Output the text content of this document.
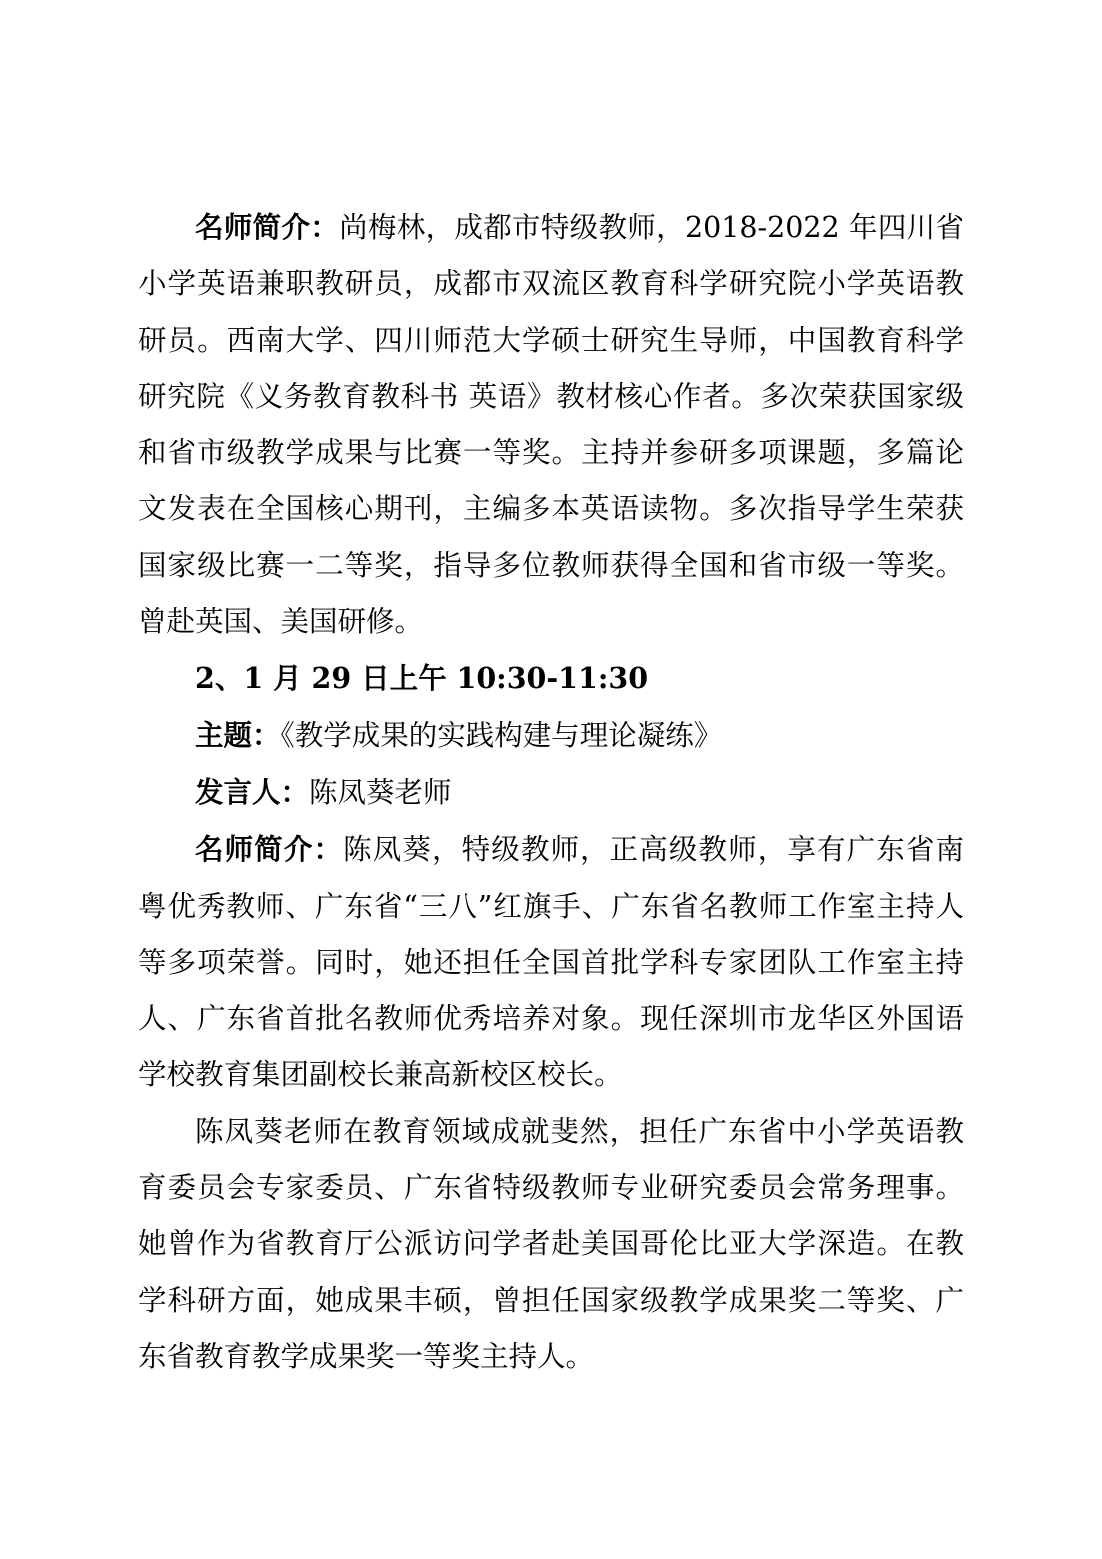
名师简介：尚梅林，成都市特级教师，2018-2022 年四川省小学英语兼职教研员，成都市双流区教育科学研究院小学英语教研员。西南大学、四川师范大学硕士研究生导师，中国教育科学研究院《义务教育教科书 英语》教材核心作者。多次荣获国家级和省市级教学成果与比赛一等奖。主持并参研多项课题，多篇论文发表在全国核心期刊，主编多本英语读物。多次指导学生荣获国家级比赛一二等奖，指导多位教师获得全国和省市级一等奖。曾赴英国、美国研修。

2、1 月 29 日上午 10:30-11:30

主题：《教学成果的实践构建与理论凝练》

发言人：陈凤葵老师

名师简介：陈凤葵，特级教师，正高级教师，享有广东省南粤优秀教师、广东省“三八”红旗手、广东省名教师工作室主持人等多项荣誉。同时，她还担任全国首批学科专家团队工作室主持人、广东省首批名教师优秀培养对象。现任深圳市龙华区外国语学校教育集团副校长兼高新校区校长。

陈凤葵老师在教育领域成就斐然，担任广东省中小学英语教育委员会专家委员、广东省特级教师专业研究委员会常务理事。她曾作为省教育厅公派访问学者赴美国哥伦比亚大学深造。在教学科研方面，她成果丰硕，曾担任国家级教学成果奖二等奖、广东省教育教学成果奖一等奖主持人。
